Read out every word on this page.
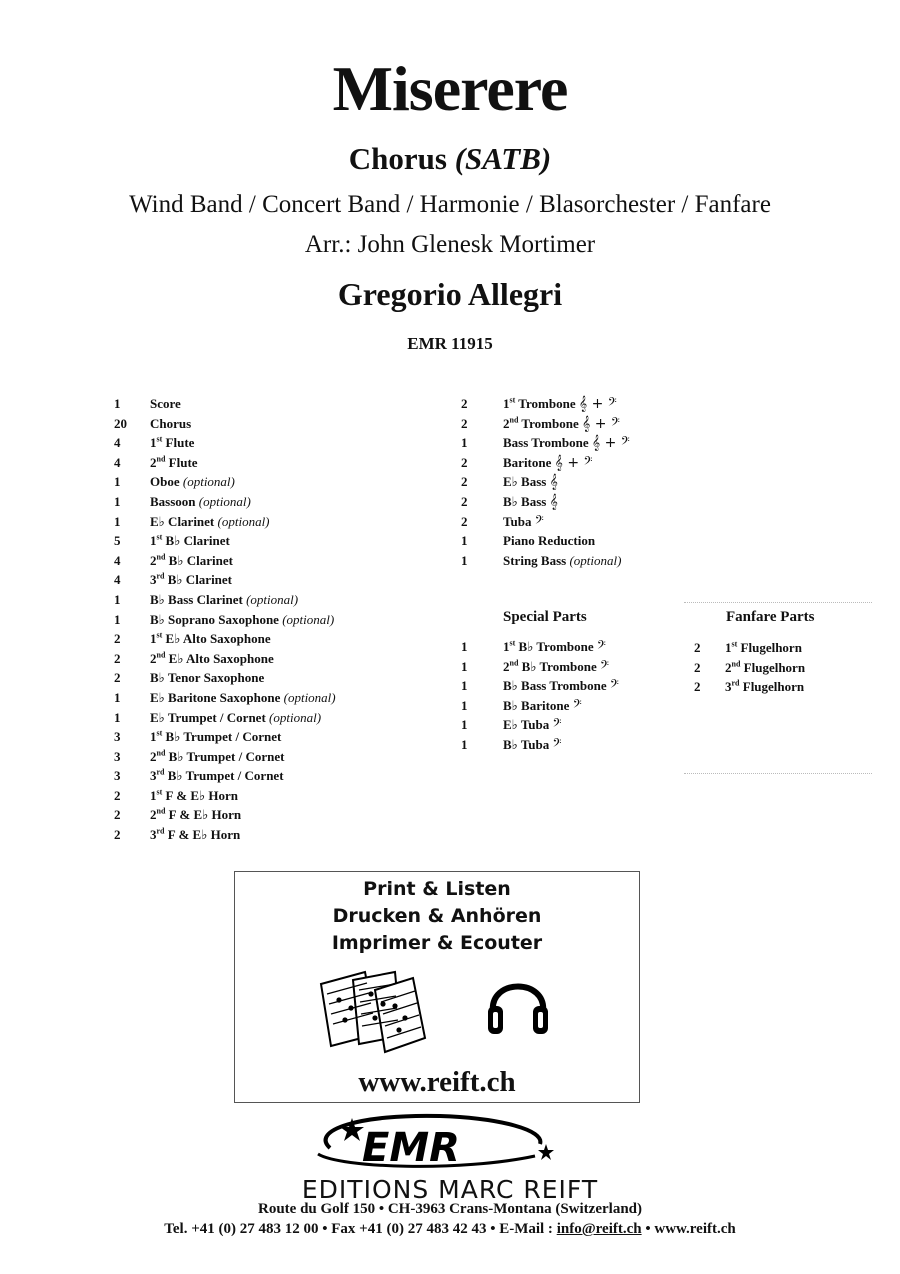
Miserere
Chorus (SATB)
Wind Band / Concert Band / Harmonie / Blasorchester / Fanfare
Arr.: John Glenesk Mortimer
Gregorio Allegri
EMR 11915
1	Score
20	Chorus
4	1st Flute
4	2nd Flute
1	Oboe (optional)
1	Bassoon (optional)
1	E♭ Clarinet (optional)
5	1st B♭ Clarinet
4	2nd B♭ Clarinet
4	3rd B♭ Clarinet
1	B♭ Bass Clarinet (optional)
1	B♭ Soprano Saxophone (optional)
2	1st E♭ Alto Saxophone
2	2nd E♭ Alto Saxophone
2	B♭ Tenor Saxophone
1	E♭ Baritone Saxophone (optional)
1	E♭ Trumpet / Cornet (optional)
3	1st B♭ Trumpet / Cornet
3	2nd B♭ Trumpet / Cornet
3	3rd B♭ Trumpet / Cornet
2	1st F & E♭ Horn
2	2nd F & E♭ Horn
2	3rd F & E♭ Horn
2	1st Trombone 𝄞 + 𝄢
2	2nd Trombone 𝄞 + 𝄢
1	Bass Trombone 𝄞 + 𝄢
2	Baritone 𝄞 + 𝄢
2	E♭ Bass 𝄞
2	B♭ Bass 𝄞
2	Tuba 𝄢
1	Piano Reduction
1	String Bass (optional)
Special Parts
1	1st B♭ Trombone 𝄢
1	2nd B♭ Trombone 𝄢
1	B♭ Bass Trombone 𝄢
1	B♭ Baritone 𝄢
1	E♭ Tuba 𝄢
1	B♭ Tuba 𝄢
Fanfare Parts
2	1st Flugelhorn
2	2nd Flugelhorn
2	3rd Flugelhorn
Print & Listen
Drucken & Anhören
Imprimer & Ecouter
www.reift.ch
EMR
EDITIONS MARC REIFT
Route du Golf 150 • CH-3963 Crans-Montana (Switzerland)
Tel. +41 (0) 27 483 12 00 • Fax +41 (0) 27 483 42 43 • E-Mail : info@reift.ch • www.reift.ch
